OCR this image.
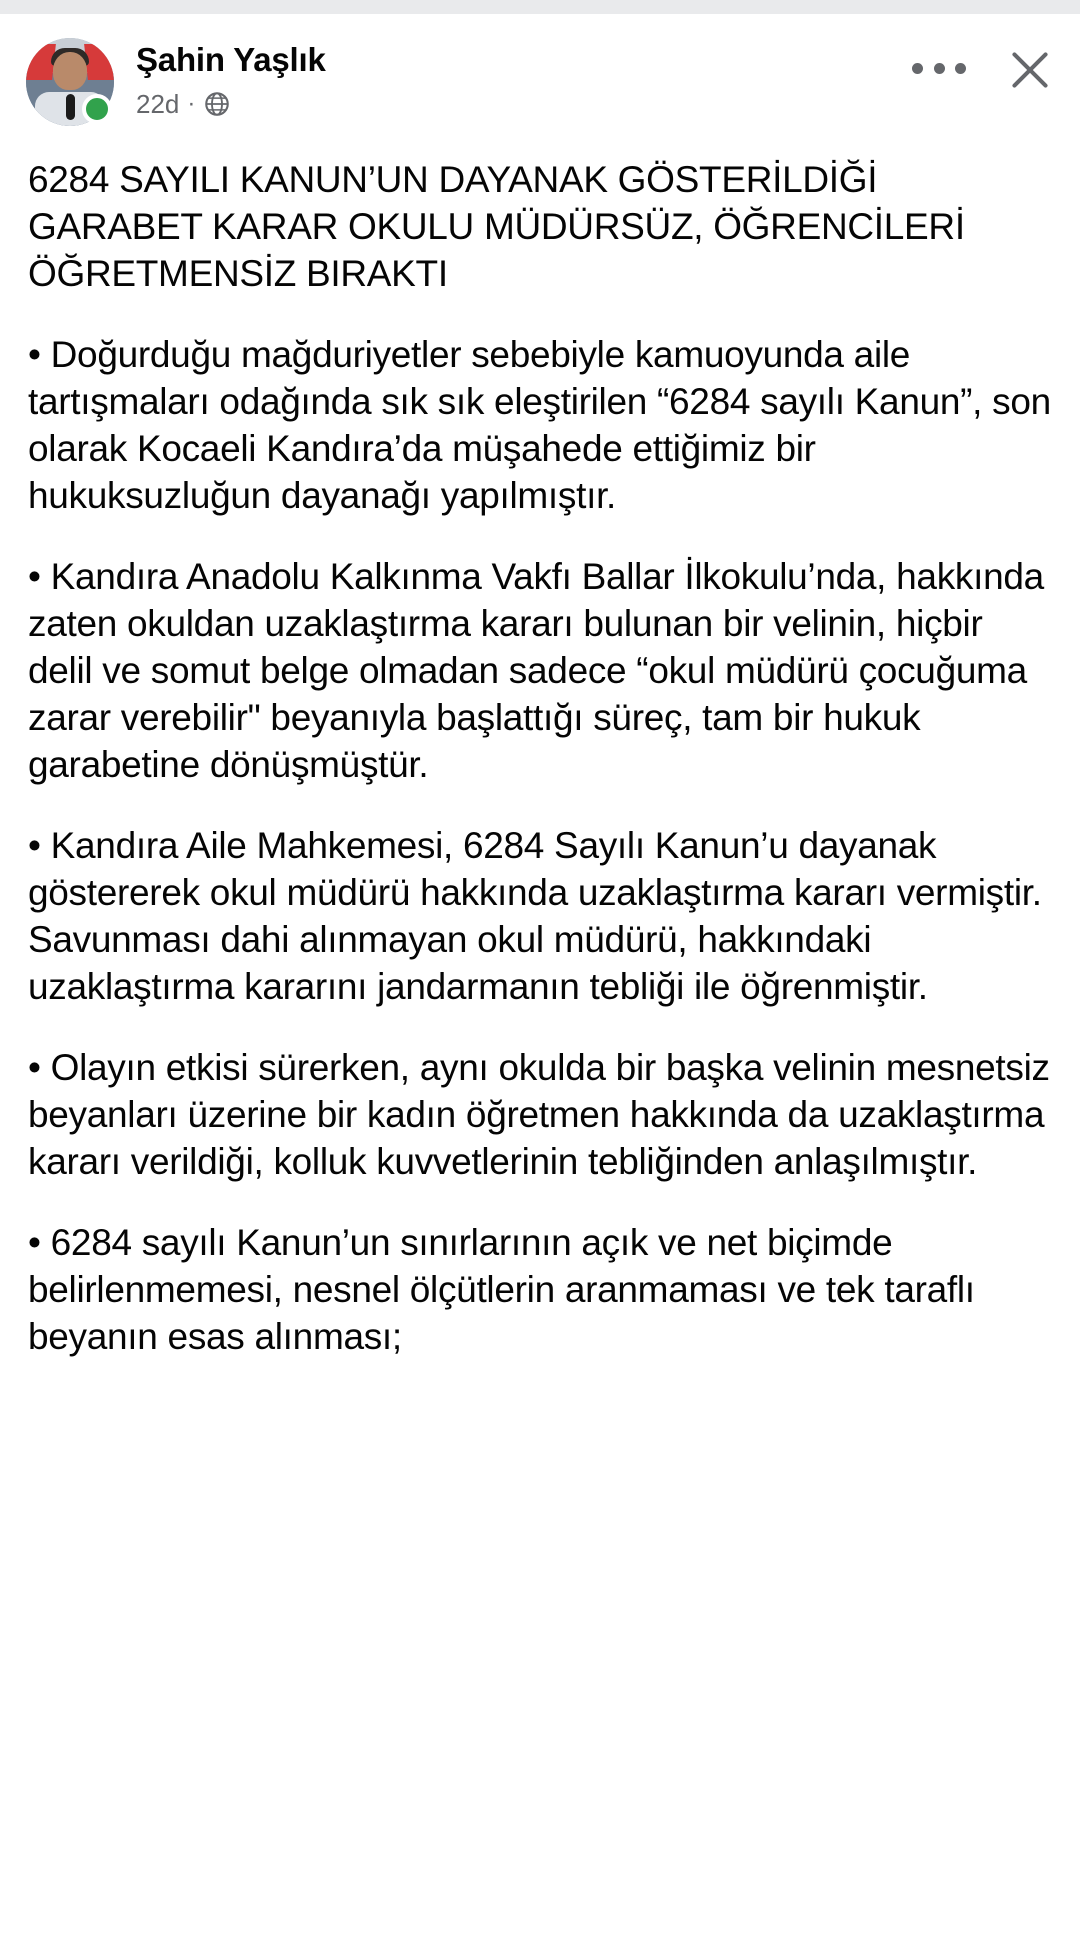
Şahin Yaşlık
22d ·
6284 SAYILI KANUN’UN DAYANAK GÖSTERİLDİĞİ GARABET KARAR OKULU MÜDÜRSÜZ, ÖĞRENCİLERİ ÖĞRETMENSİZ BIRAKTI

• Doğurduğu mağduriyetler sebebiyle kamuoyunda aile tartışmaları odağında sık sık eleştirilen “6284 sayılı Kanun”, son olarak Kocaeli Kandıra’da müşahede ettiğimiz bir hukuksuzluğun dayanağı yapılmıştır.

• Kandıra Anadolu Kalkınma Vakfı Ballar İlkokulu’nda, hakkında zaten okuldan uzaklaştırma kararı bulunan bir velinin, hiçbir delil ve somut belge olmadan sadece “okul müdürü çocuğuma zarar verebilir" beyanıyla başlattığı süreç, tam bir hukuk garabetine dönüşmüştür.

• Kandıra Aile Mahkemesi, 6284 Sayılı Kanun’u dayanak göstererek okul müdürü hakkında uzaklaştırma kararı vermiştir. Savunması dahi alınmayan okul müdürü, hakkındaki uzaklaştırma kararını jandarmanın tebliği ile öğrenmiştir.

• Olayın etkisi sürerken, aynı okulda bir başka velinin mesnetsiz beyanları üzerine bir kadın öğretmen hakkında da uzaklaştırma kararı verildiği, kolluk kuvvetlerinin tebliğinden anlaşılmıştır.

• 6284 sayılı Kanun’un sınırlarının açık ve net biçimde belirlenmemesi, nesnel ölçütlerin aranmaması ve tek taraflı beyanın esas alınması;
